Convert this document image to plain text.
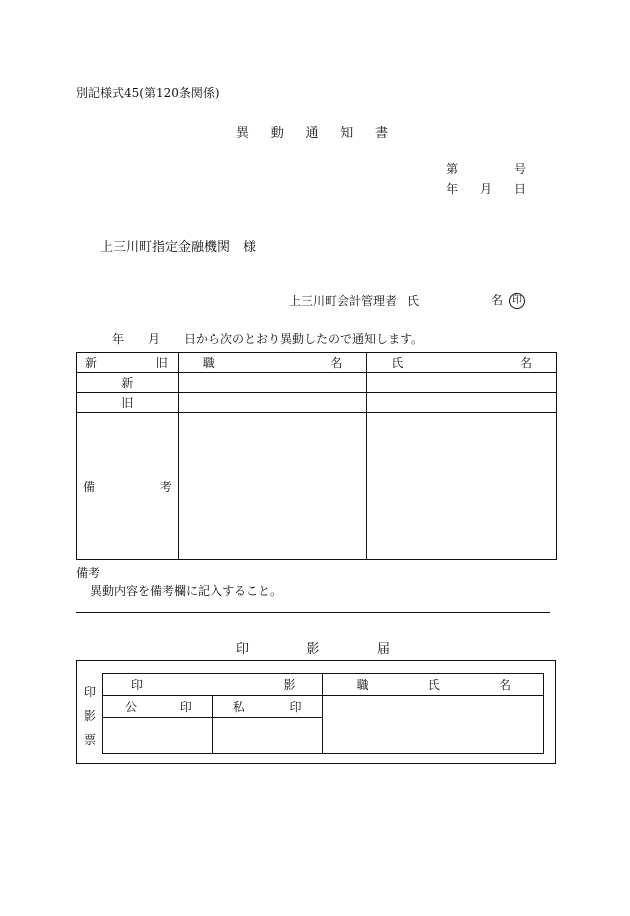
別記様式45(第120条関係)
異 動 通 知 書
第	号
年 月 日
上三川町指定金融機関　様
上三川町会計管理者 氏	名 印
年 月 日から次のとおり異動したので通知します。
新 旧	職 名	氏 名

新		
旧		

備 考		

備考
異動内容を備考欄に記入すること。
印	影	届
印
影
票
印 影		職 氏 名

公 印	私 印	
